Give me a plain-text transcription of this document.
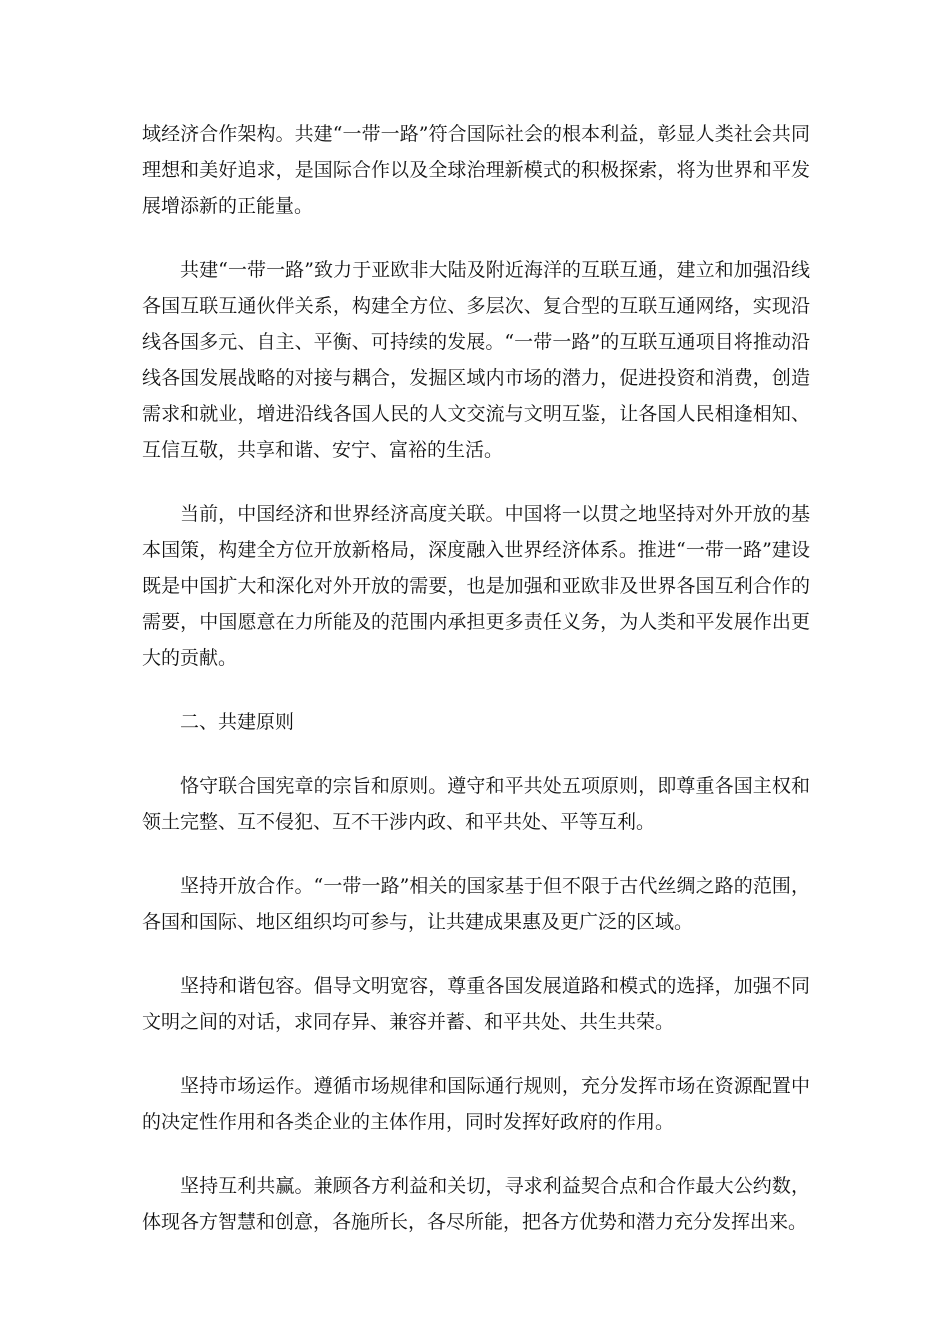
域经济合作架构。共建“一带一路”符合国际社会的根本利益，彰显人类社会共同理想和美好追求，是国际合作以及全球治理新模式的积极探索，将为世界和平发展增添新的正能量。

共建“一带一路”致力于亚欧非大陆及附近海洋的互联互通，建立和加强沿线各国互联互通伙伴关系，构建全方位、多层次、复合型的互联互通网络，实现沿线各国多元、自主、平衡、可持续的发展。“一带一路”的互联互通项目将推动沿线各国发展战略的对接与耦合，发掘区域内市场的潜力，促进投资和消费，创造需求和就业，增进沿线各国人民的人文交流与文明互鉴，让各国人民相逢相知、互信互敬，共享和谐、安宁、富裕的生活。

当前，中国经济和世界经济高度关联。中国将一以贯之地坚持对外开放的基本国策，构建全方位开放新格局，深度融入世界经济体系。推进“一带一路”建设既是中国扩大和深化对外开放的需要，也是加强和亚欧非及世界各国互利合作的需要，中国愿意在力所能及的范围内承担更多责任义务，为人类和平发展作出更大的贡献。

二、共建原则

恪守联合国宪章的宗旨和原则。遵守和平共处五项原则，即尊重各国主权和领土完整、互不侵犯、互不干涉内政、和平共处、平等互利。

坚持开放合作。“一带一路”相关的国家基于但不限于古代丝绸之路的范围，各国和国际、地区组织均可参与，让共建成果惠及更广泛的区域。

坚持和谐包容。倡导文明宽容，尊重各国发展道路和模式的选择，加强不同文明之间的对话，求同存异、兼容并蓄、和平共处、共生共荣。

坚持市场运作。遵循市场规律和国际通行规则，充分发挥市场在资源配置中的决定性作用和各类企业的主体作用，同时发挥好政府的作用。

坚持互利共赢。兼顾各方利益和关切，寻求利益契合点和合作最大公约数，体现各方智慧和创意，各施所长，各尽所能，把各方优势和潜力充分发挥出来。
